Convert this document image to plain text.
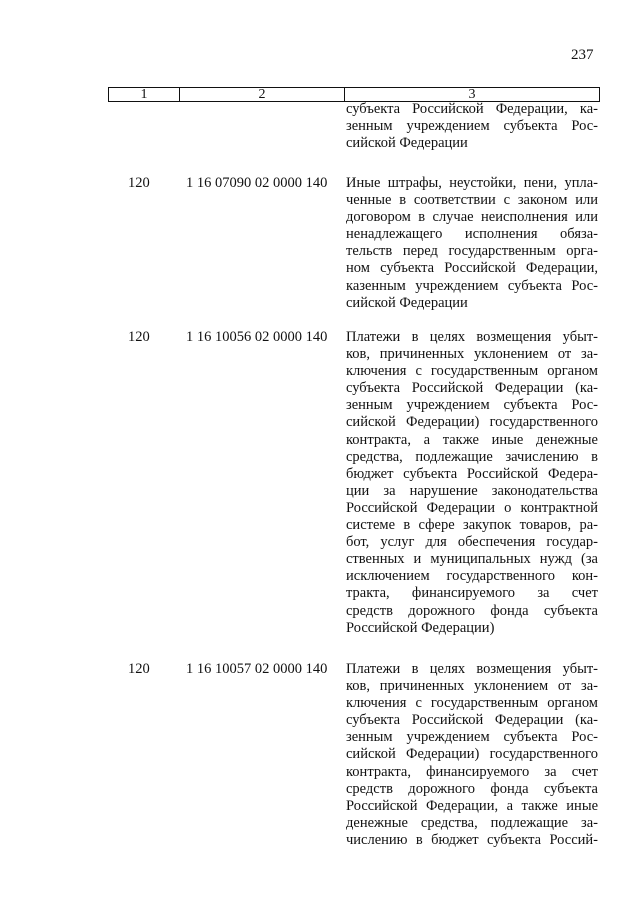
237
1	2	3
субъекта Российской Федерации, ка-
зенным учреждением субъекта Рос-
сийской Федерации
120	1 16 07090 02 0000 140	Иные штрафы, неустойки, пени, упла-
ченные в соответствии с законом или
договором в случае неисполнения или
ненадлежащего исполнения обяза-
тельств перед государственным орга-
ном субъекта Российской Федерации,
казенным учреждением субъекта Рос-
сийской Федерации
120	1 16 10056 02 0000 140	Платежи в целях возмещения убыт-
ков, причиненных уклонением от за-
ключения с государственным органом
субъекта Российской Федерации (ка-
зенным учреждением субъекта Рос-
сийской Федерации) государственного
контракта, а также иные денежные
средства, подлежащие зачислению в
бюджет субъекта Российской Федера-
ции за нарушение законодательства
Российской Федерации о контрактной
системе в сфере закупок товаров, ра-
бот, услуг для обеспечения государ-
ственных и муниципальных нужд (за
исключением государственного кон-
тракта, финансируемого за счет
средств дорожного фонда субъекта
Российской Федерации)
120	1 16 10057 02 0000 140	Платежи в целях возмещения убыт-
ков, причиненных уклонением от за-
ключения с государственным органом
субъекта Российской Федерации (ка-
зенным учреждением субъекта Рос-
сийской Федерации) государственного
контракта, финансируемого за счет
средств дорожного фонда субъекта
Российской Федерации, а также иные
денежные средства, подлежащие за-
числению в бюджет субъекта Россий-
